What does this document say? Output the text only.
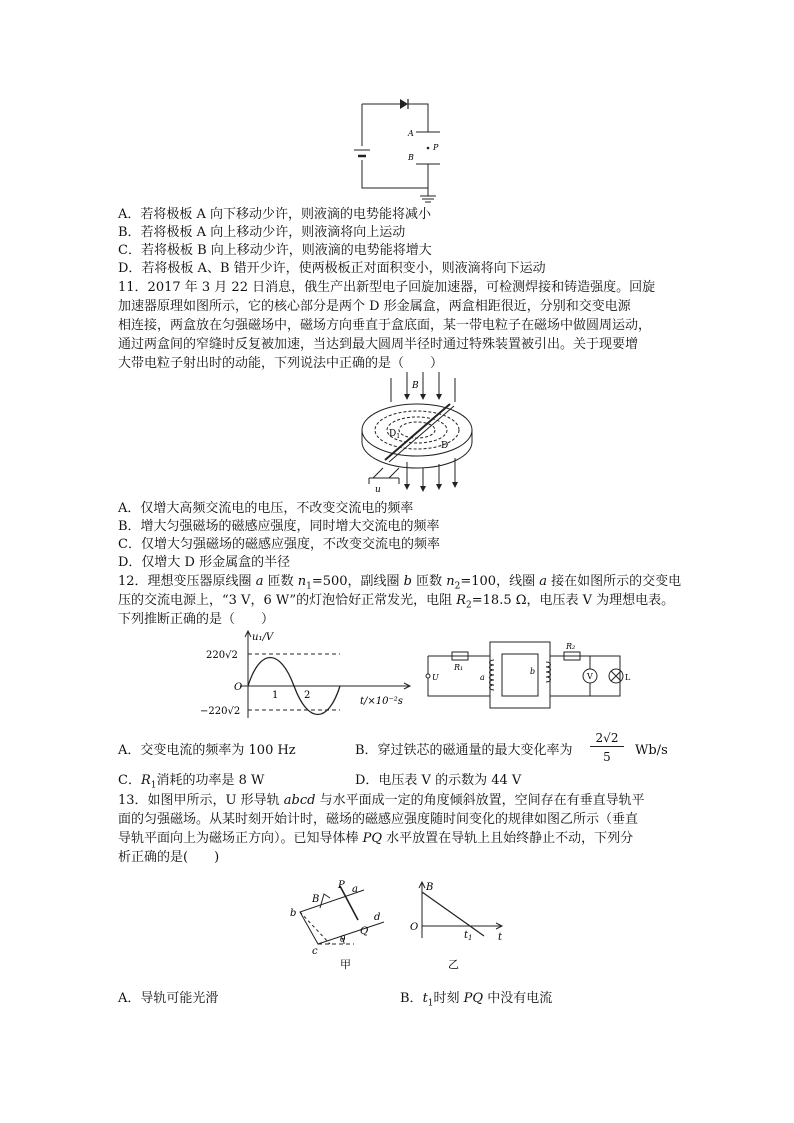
A
B
P
A．若将极板 A 向下移动少许，则液滴的电势能将减小
B．若将极板 A 向上移动少许，则液滴将向上运动
C．若将极板 B 向上移动少许，则液滴的电势能将增大
D．若将极板 A、B 错开少许，使两极板正对面积变小，则液滴将向下运动
11．2017 年 3 月 22 日消息，俄生产出新型电子回旋加速器，可检测焊接和铸造强度。回旋
加速器原理如图所示，它的核心部分是两个 D 形金属盒，两盒相距很近，分别和交变电源
相连接，两盒放在匀强磁场中，磁场方向垂直于盒底面，某一带电粒子在磁场中做圆周运动，
通过两盒间的窄缝时反复被加速，当达到最大圆周半径时通过特殊装置被引出。关于现要增
大带电粒子射出时的动能，下列说法中正确的是（　　）
B
$D_1$
D
u
A．仅增大高频交流电的电压，不改变交流电的频率
B．增大匀强磁场的磁感应强度，同时增大交流电的频率
C．仅增大匀强磁场的磁感应强度，不改变交流电的频率
D．仅增大 D 形金属盒的半径
12．理想变压器原线圈 a 匝数 $n_1=500$，副线圈 b 匝数 $n_2=100$，线圈 a 接在如图所示的交变电
压的交流电源上，“3 V，6 W”的灯泡恰好正常发光，电阻 $R_2=18.5$ Ω，电压表 V 为理想电表。
下列推断正确的是（　　）
u₁/V
220√2
−220√2
O
1	2
t/×10⁻²s
U
R₁
a
b
R₂
V	L
A．交变电流的频率为 100 Hz	B．穿过铁芯的磁通量的最大变化率为
2√2
5	Wb/s
C．$R_1$消耗的功率是 8 W	D．电压表 V 的示数为 44 V
13．如图甲所示，U 形导轨 abcd 与水平面成一定的角度倾斜放置，空间存在有垂直导轨平
面的匀强磁场。从某时刻开始计时，磁场的磁感应强度随时间变化的规律如图乙所示（垂直
导轨平面向上为磁场正方向）。已知导体棒 PQ 水平放置在导轨上且始终静止不动，下列分
析正确的是(　　)
B
P a
b	d
Q
c
θ
甲
B
O
$t_1$	t
乙
A．导轨可能光滑	B．$t_1$时刻 PQ 中没有电流
